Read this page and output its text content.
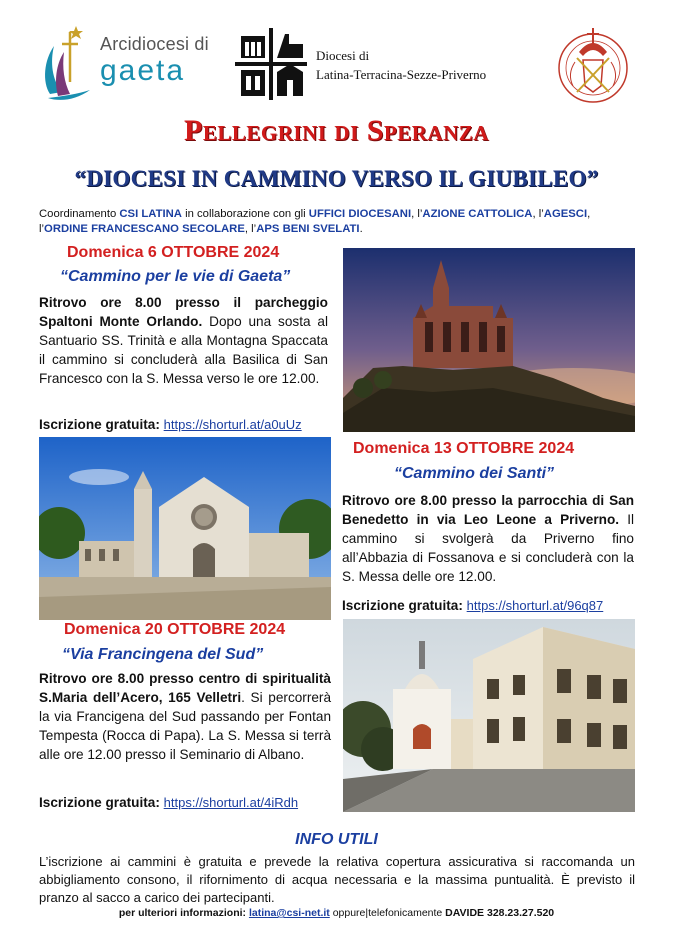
Arcidiocesi di
gaeta	Diocesi di
Latina-Terracina-Sezze-Priverno
Pellegrini di Speranza
“DIOCESI IN CAMMINO VERSO IL GIUBILEO”
Coordinamento CSI LATINA in collaborazione con gli UFFICI DIOCESANI, l’AZIONE CATTOLICA, l’AGESCI, l’ORDINE FRANCESCANO SECOLARE, l’APS BENI SVELATI.
Domenica 6 OTTOBRE 2024
“Cammino per le vie di Gaeta”
Ritrovo ore 8.00 presso il parcheggio Spaltoni Monte Orlando. Dopo una sosta al Santuario SS. Trinità e alla Montagna Spaccata il cammino si concluderà alla Basilica di San Francesco con la S. Messa verso le ore 12.00.
Iscrizione gratuita: https://shorturl.at/a0uUz
Domenica 13 OTTOBRE 2024
“Cammino dei Santi”
Ritrovo ore 8.00 presso la parrocchia di San Benedetto in via Leo Leone a Priverno. Il cammino si svolgerà da Priverno fino all’Abbazia di Fossanova e si concluderà con la S. Messa delle ore 12.00.
Iscrizione gratuita: https://shorturl.at/96q87
Domenica 20 OTTOBRE 2024
“Via Francingena del Sud”
Ritrovo ore 8.00 presso centro di spiritualità S.Maria dell’Acero, 165 Velletri. Si percorrerà la via Francigena del Sud passando per Fontan Tempesta (Rocca di Papa). La S. Messa si terrà alle ore 12.00 presso il Seminario di Albano.
Iscrizione gratuita: https://shorturl.at/4iRdh
INFO UTILI
L’iscrizione ai cammini è gratuita e prevede la relativa copertura assicurativa si raccomanda un abbigliamento consono, il rifornimento di acqua necessaria e la massima puntualità. È previsto il pranzo al sacco a carico dei partecipanti.
per ulteriori informazioni: latina@csi-net.it oppure|telefonicamente DAVIDE 328.23.27.520
